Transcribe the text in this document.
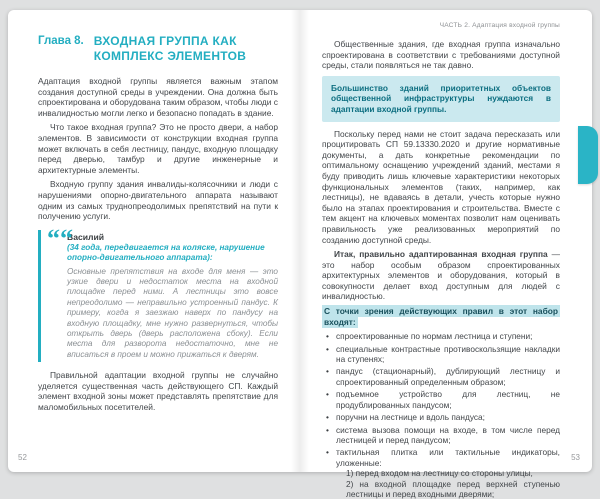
Глава 8. ВХОДНАЯ ГРУППА КАК КОМПЛЕКС ЭЛЕМЕНТОВ

Адаптация входной группы является важным этапом создания доступной среды в учреждении. Она должна быть спроектирована и оборудована таким образом, чтобы люди с инвалидностью могли легко и безопасно попадать в здание.

Что такое входная группа? Это не просто двери, а набор элементов. В зависимости от конструкции входная группа может включать в себя лестницу, пандус, входную площадку перед дверью, тамбур и другие инженерные и архитектурные элементы.

Входную группу здания инвалиды-колясочники и люди с нарушениями опорно-двигательного аппарата называют одним из самых труднопреодолимых препятствий на пути к получению услуги.

““
Василий
(34 года, передвигается на коляске, нарушение опорно-двигательного аппарата):
Основные препятствия на входе для меня — это узкие двери и недостаток места на входной площадке перед ними. А лестницы это вовсе непреодолимо — неправильно устроенный пандус. К примеру, когда я заезжаю наверх по пандусу на входную площадку, мне нужно развернуться, чтобы открыть дверь (дверь расположена сбоку). Если места для разворота недостаточно, мне не вписаться в проем и можно прижаться к дверям.

Правильной адаптации входной группы не случайно уделяется существенная часть действующего СП. Каждый элемент входной зоны может представлять препятствие для маломобильных посетителей.

52
ЧАСТЬ 2. Адаптация входной группы

Общественные здания, где входная группа изначально спроектирована в соответствии с требованиями доступной среды, стали появляться не так давно.

Большинство зданий приоритетных объектов общественной инфраструктуры нуждаются в адаптации входной группы.

Поскольку перед нами не стоит задача пересказать или процитировать СП 59.13330.2020 и другие нормативные документы, а дать конкретные рекомендации по оптимальному оснащению учреждений зданий, местами я буду приводить лишь ключевые характеристики некоторых функциональных элементов (таких, например, как лестницы), не вдаваясь в детали, учесть которые нужно было на этапах проектирования и строительства. Вместе с тем акцент на ключевых моментах позволит нам оценивать правильность уже реализованных мероприятий по созданию доступной среды.

Итак, правильно адаптированная входная группа — это набор особым образом спроектированных архитектурных элементов и оборудования, который в совокупности делает вход доступным для людей с инвалидностью.

С точки зрения действующих правил в этот набор входят:

• спроектированные по нормам лестница и ступени;
• специальные контрастные противоскользящие накладки на ступенях;
• пандус (стационарный), дублирующий лестницу и спроектированный определенным образом;
• подъемное устройство для лестниц, не продублированных пандусом;
• поручни на лестнице и вдоль пандуса;
• система вызова помощи на входе, в том числе перед лестницей и перед пандусом;
• тактильная плитка или тактильные индикаторы, уложенные:
1) перед входом на лестницу со стороны улицы,
2) на входной площадке перед верхней ступенью лестницы и перед входными дверями;
53
